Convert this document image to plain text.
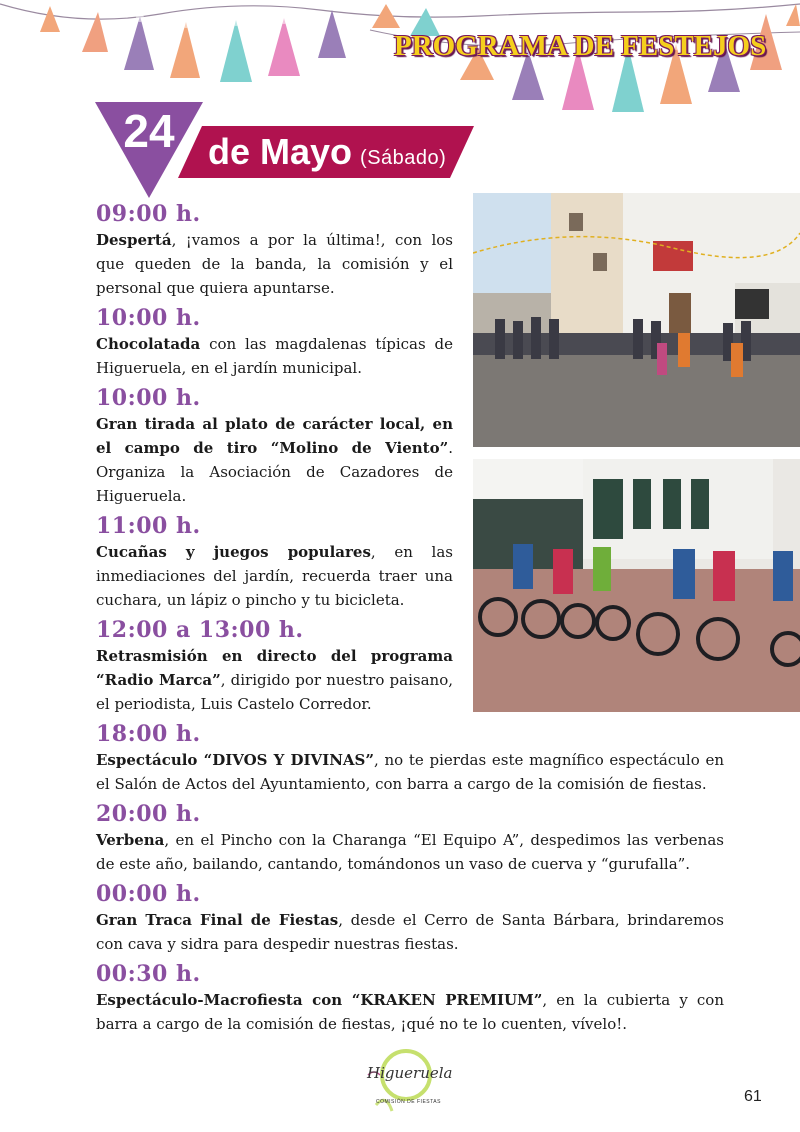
PROGRAMA DE FESTEJOS
24 de Mayo (Sábado)
09:00 h.

Despertá, ¡vamos a por la última!, con los que queden de la banda, la comisión y el personal que quiera apuntarse.

10:00 h.

Chocolatada con las magdalenas típicas de Higueruela, en el jardín municipal.

10:00 h.

Gran tirada al plato de carácter local, en el campo de tiro “Molino de Viento”. Organiza la Asociación de Cazadores de Higueruela.

11:00 h.

Cucañas y juegos populares, en las inmediaciones del jardín, recuerda traer una cuchara, un lápiz o pincho y tu bicicleta.

12:00 a 13:00 h.

Retrasmisión en directo del programa “Radio Marca”, dirigido por nuestro paisano, el periodista, Luis Castelo Corredor.

18:00 h.

Espectáculo “DIVOS Y DIVINAS”, no te pierdas este magnífico espectáculo en el Salón de Actos del Ayuntamiento, con barra a cargo de la comisión de fiestas.

20:00 h.

Verbena, en el Pincho con la Charanga “El Equipo A”, despedimos las verbenas de este año, bailando, cantando, tomándonos un vaso de cuerva y “gurufalla”.

00:00 h.

Gran Traca Final de Fiestas, desde el Cerro de Santa Bárbara, brindaremos con cava y sidra para despedir nuestras fiestas.

00:30 h.

Espectáculo-Macrofiesta con “KRAKEN PREMIUM”, en la cubierta y con barra a cargo de la comisión de fiestas, ¡qué no te lo cuenten, vívelo!.

Higueruela
COMISIÓN DE FIESTAS	61
